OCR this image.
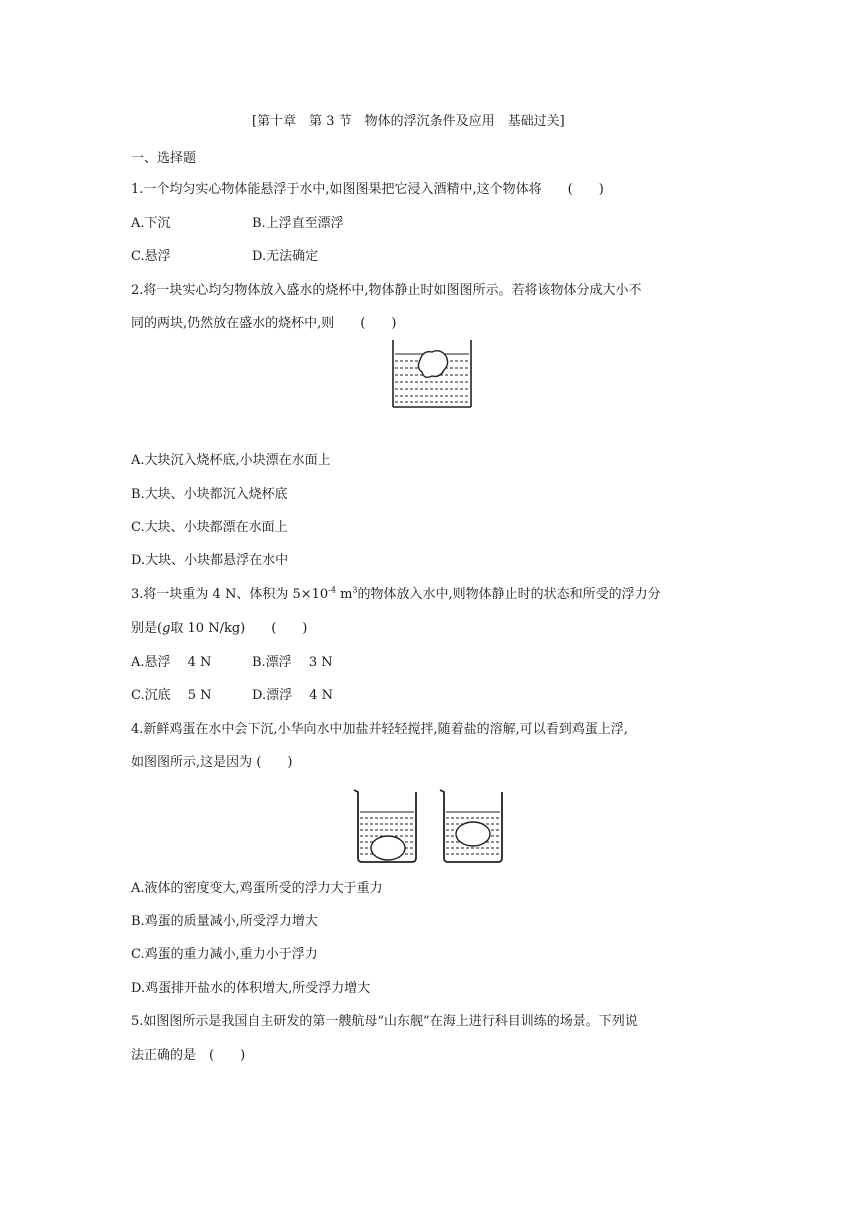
[第十章　第 3 节　物体的浮沉条件及应用　基础过关]
一、选择题
1.一个均匀实心物体能悬浮于水中,如图图果把它浸入酒精中,这个物体将　　(　　)
A.下沉	B.上浮直至漂浮
C.悬浮	D.无法确定
2.将一块实心均匀物体放入盛水的烧杯中,物体静止时如图图所示。若将该物体分成大小不
同的两块,仍然放在盛水的烧杯中,则　　(　　)
A.大块沉入烧杯底,小块漂在水面上
B.大块、小块都沉入烧杯底
C.大块、小块都漂在水面上
D.大块、小块都悬浮在水中
3.将一块重为 4 N、体积为 $5\times 10^{-4}$ $m^3$的物体放入水中,则物体静止时的状态和所受的浮力分
别是(g取 10 N/kg)　　(　　)
A.悬浮　 4 N	B.漂浮　 3 N
C.沉底　 5 N	D.漂浮　 4 N
4.新鲜鸡蛋在水中会下沉,小华向水中加盐并轻轻搅拌,随着盐的溶解,可以看到鸡蛋上浮,
如图图所示,这是因为 (　　)
A.液体的密度变大,鸡蛋所受的浮力大于重力
B.鸡蛋的质量减小,所受浮力增大
C.鸡蛋的重力减小,重力小于浮力
D.鸡蛋排开盐水的体积增大,所受浮力增大
5.如图图所示是我国自主研发的第一艘航母“山东舰”在海上进行科目训练的场景。下列说
法正确的是　(　　)
